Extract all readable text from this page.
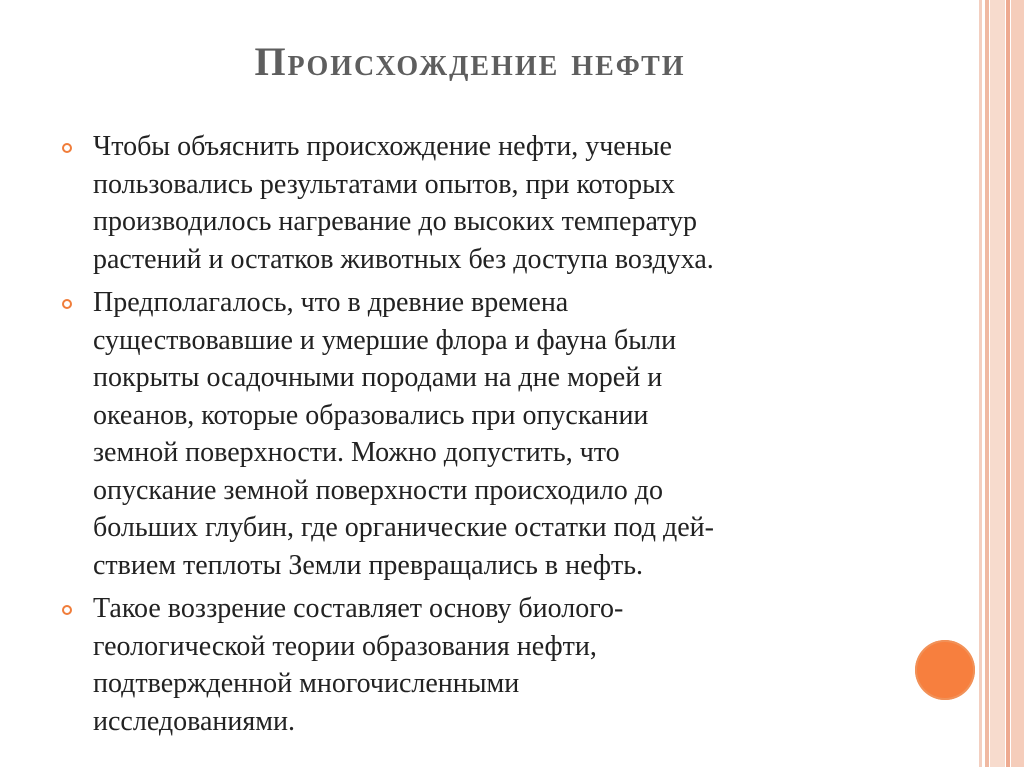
Происхождение нефти
Чтобы объяснить происхождение нефти, ученые
пользовались результатами опытов, при которых
производилось нагревание до высоких температур
растений и остатков животных без доступа воздуха.
Предполагалось, что в древние времена
существовавшие и умершие флора и фауна были
покрыты осадочными породами на дне морей и
океанов, которые образовались при опускании
земной поверхности. Можно допустить, что
опускание земной поверхности происходило до
больших глубин, где органические остатки под дей-
ствием теплоты Земли превращались в нефть.
Такое воззрение составляет основу биолого-
геологической теории образования нефти,
подтвержденной многочисленными
исследованиями.
